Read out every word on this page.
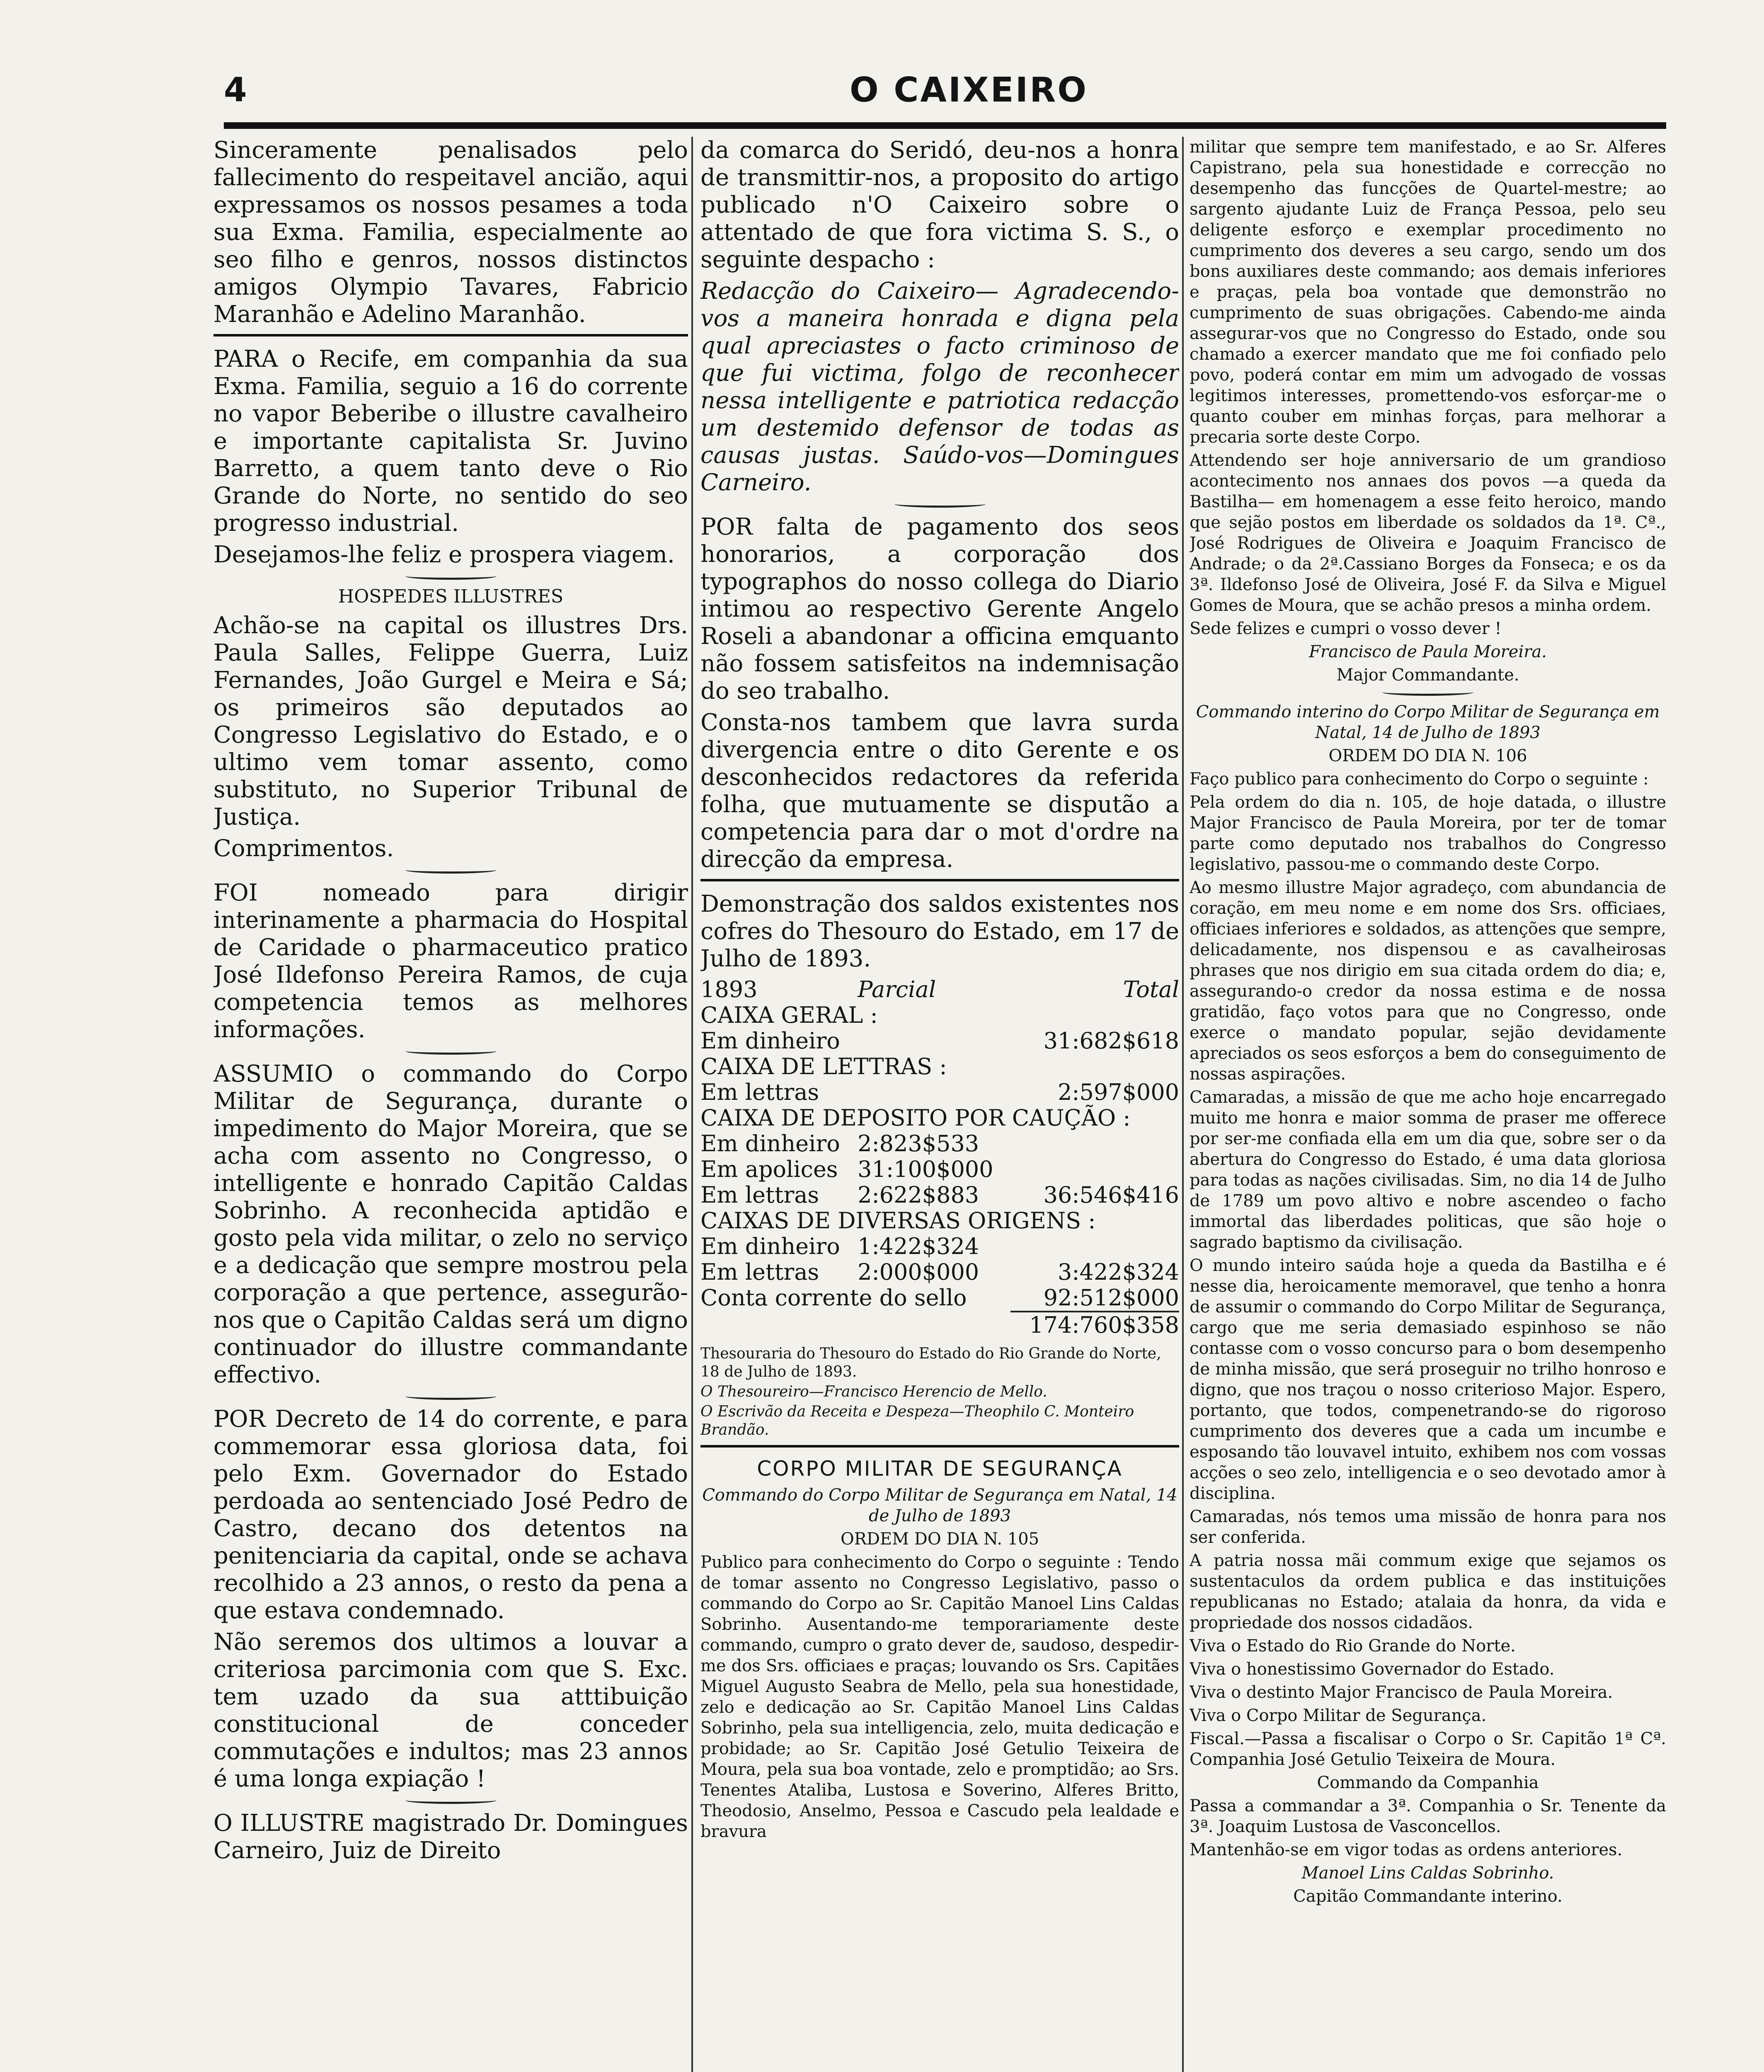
4	O CAIXEIRO

Sinceramente penalisados pelo fallecimento do respeitavel ancião, aqui expressamos os nossos pesames a toda sua Exma. Familia, especialmente ao seo filho e genros, nossos distinctos amigos Olympio Tavares, Fabricio Maranhão e Adelino Maranhão.

PARA o Recife, em companhia da sua Exma. Familia, seguio a 16 do corrente no vapor Beberibe o illustre cavalheiro e importante capitalista Sr. Juvino Barretto, a quem tanto deve o Rio Grande do Norte, no sentido do seo progresso industrial.

Desejamos-lhe feliz e prospera viagem.

HOSPEDES ILLUSTRES

Achão-se na capital os illustres Drs. Paula Salles, Felippe Guerra, Luiz Fernandes, João Gurgel e Meira e Sá; os primeiros são deputados ao Congresso Legislativo do Estado, e o ultimo vem tomar assento, como substituto, no Superior Tribunal de Justiça.

Comprimentos.

FOI nomeado para dirigir interinamente a pharmacia do Hospital de Caridade o pharmaceutico pratico José Ildefonso Pereira Ramos, de cuja competencia temos as melhores informações.

ASSUMIO o commando do Corpo Militar de Segurança, durante o impedimento do Major Moreira, que se acha com assento no Congresso, o intelligente e honrado Capitão Caldas Sobrinho. A reconhecida aptidão e gosto pela vida militar, o zelo no serviço e a dedicação que sempre mostrou pela corporação a que pertence, assegurão-nos que o Capitão Caldas será um digno continuador do illustre commandante effectivo.

POR Decreto de 14 do corrente, e para commemorar essa gloriosa data, foi pelo Exm. Governador do Estado perdoada ao sentenciado José Pedro de Castro, decano dos detentos na penitenciaria da capital, onde se achava recolhido a 23 annos, o resto da pena a que estava condemnado.

Não seremos dos ultimos a louvar a criteriosa parcimonia com que S. Exc. tem uzado da sua atttibuição constitucional de conceder commutações e indultos; mas 23 annos é uma longa expiação !

O ILLUSTRE magistrado Dr. Domingues Carneiro, Juiz de Direito

da comarca do Seridó, deu-nos a honra de transmittir-nos, a proposito do artigo publicado n'O Caixeiro sobre o attentado de que fora victima S. S., o seguinte despacho :

Redacção do Caixeiro— Agradecendo-vos a maneira honrada e digna pela qual apreciastes o facto criminoso de que fui victima, folgo de reconhecer nessa intelligente e patriotica redacção um destemido defensor de todas as causas justas. Saúdo-vos—Domingues Carneiro.

POR falta de pagamento dos seos honorarios, a corporação dos typographos do nosso collega do Diario intimou ao respectivo Gerente Angelo Roseli a abandonar a officina emquanto não fossem satisfeitos na indemnisação do seo trabalho.

Consta-nos tambem que lavra surda divergencia entre o dito Gerente e os desconhecidos redactores da referida folha, que mutuamente se disputão a competencia para dar o mot d'ordre na direcção da empresa.

Demonstração dos saldos existentes nos cofres do Thesouro do Estado, em 17 de Julho de 1893.

1893	Parcial	Total
CAIXA GERAL :		
Em dinheiro		31:682$618
CAIXA DE LETTRAS :		
Em lettras		2:597$000
CAIXA DE DEPOSITO POR CAUÇÃO :		
Em dinheiro	2:823$533	
Em apolices	31:100$000	
Em lettras	2:622$883	36:546$416
CAIXAS DE DIVERSAS ORIGENS :		
Em dinheiro	1:422$324	
Em lettras	2:000$000	3:422$324
Conta corrente do sello		92:512$000
		174:760$358

Thesouraria do Thesouro do Estado do Rio Grande do Norte, 18 de Julho de 1893.

O Thesoureiro—Francisco Herencio de Mello.

O Escrivão da Receita e Despeza—Theophilo C. Monteiro Brandão.

CORPO MILITAR DE SEGURANÇA

Commando do Corpo Militar de Segurança em Natal, 14 de Julho de 1893

ORDEM DO DIA N. 105

Publico para conhecimento do Corpo o seguinte : Tendo de tomar assento no Congresso Legislativo, passo o commando do Corpo ao Sr. Capitão Manoel Lins Caldas Sobrinho. Ausentando-me temporariamente deste commando, cumpro o grato dever de, saudoso, despedir-me dos Srs. officiaes e praças; louvando os Srs. Capitães Miguel Augusto Seabra de Mello, pela sua honestidade, zelo e dedicação ao Sr. Capitão Manoel Lins Caldas Sobrinho, pela sua intelligencia, zelo, muita dedicação e probidade; ao Sr. Capitão José Getulio Teixeira de Moura, pela sua boa vontade, zelo e promptidão; ao Srs. Tenentes Ataliba, Lustosa e Soverino, Alferes Britto, Theodosio, Anselmo, Pessoa e Cascudo pela lealdade e bravura

militar que sempre tem manifestado, e ao Sr. Alferes Capistrano, pela sua honestidade e correcção no desempenho das funcções de Quartel-mestre; ao sargento ajudante Luiz de França Pessoa, pelo seu deligente esforço e exemplar procedimento no cumprimento dos deveres a seu cargo, sendo um dos bons auxiliares deste commando; aos demais inferiores e praças, pela boa vontade que demonstrão no cumprimento de suas obrigações. Cabendo-me ainda assegurar-vos que no Congresso do Estado, onde sou chamado a exercer mandato que me foi confiado pelo povo, poderá contar em mim um advogado de vossas legitimos interesses, promettendo-vos esforçar-me o quanto couber em minhas forças, para melhorar a precaria sorte deste Corpo.

Attendendo ser hoje anniversario de um grandioso acontecimento nos annaes dos povos —a queda da Bastilha— em homenagem a esse feito heroico, mando que sejão postos em liberdade os soldados da 1ª. Cª., José Rodrigues de Oliveira e Joaquim Francisco de Andrade; o da 2ª.Cassiano Borges da Fonseca; e os da 3ª. Ildefonso José de Oliveira, José F. da Silva e Miguel Gomes de Moura, que se achão presos a minha ordem.

Sede felizes e cumpri o vosso dever !

Francisco de Paula Moreira.

Major Commandante.

Commando interino do Corpo Militar de Segurança em Natal, 14 de Julho de 1893

ORDEM DO DIA N. 106

Faço publico para conhecimento do Corpo o seguinte :

Pela ordem do dia n. 105, de hoje datada, o illustre Major Francisco de Paula Moreira, por ter de tomar parte como deputado nos trabalhos do Congresso legislativo, passou-me o commando deste Corpo.

Ao mesmo illustre Major agradeço, com abundancia de coração, em meu nome e em nome dos Srs. officiaes, officiaes inferiores e soldados, as attenções que sempre, delicadamente, nos dispensou e as cavalheirosas phrases que nos dirigio em sua citada ordem do dia; e, assegurando-o credor da nossa estima e de nossa gratidão, faço votos para que no Congresso, onde exerce o mandato popular, sejão devidamente apreciados os seos esforços a bem do conseguimento de nossas aspirações.

Camaradas, a missão de que me acho hoje encarregado muito me honra e maior somma de praser me offerece por ser-me confiada ella em um dia que, sobre ser o da abertura do Congresso do Estado, é uma data gloriosa para todas as nações civilisadas. Sim, no dia 14 de Julho de 1789 um povo altivo e nobre ascendeo o facho immortal das liberdades politicas, que são hoje o sagrado baptismo da civilisação.

O mundo inteiro saúda hoje a queda da Bastilha e é nesse dia, heroicamente memoravel, que tenho a honra de assumir o commando do Corpo Militar de Segurança, cargo que me seria demasiado espinhoso se não contasse com o vosso concurso para o bom desempenho de minha missão, que será proseguir no trilho honroso e digno, que nos traçou o nosso criterioso Major. Espero, portanto, que todos, compenetrando-se do rigoroso cumprimento dos deveres que a cada um incumbe e esposando tão louvavel intuito, exhibem nos com vossas acções o seo zelo, intelligencia e o seo devotado amor à disciplina.

Camaradas, nós temos uma missão de honra para nos ser conferida.

A patria nossa mãi commum exige que sejamos os sustentaculos da ordem publica e das instituições republicanas no Estado; atalaia da honra, da vida e propriedade dos nossos cidadãos.

Viva o Estado do Rio Grande do Norte.

Viva o honestissimo Governador do Estado.

Viva o destinto Major Francisco de Paula Moreira.

Viva o Corpo Militar de Segurança.

Fiscal.—Passa a fiscalisar o Corpo o Sr. Capitão 1ª Cª. Companhia José Getulio Teixeira de Moura.

Commando da Companhia

Passa a commandar a 3ª. Companhia o Sr. Tenente da 3ª. Joaquim Lustosa de Vasconcellos.

Mantenhão-se em vigor todas as ordens anteriores.

Manoel Lins Caldas Sobrinho.

Capitão Commandante interino.
